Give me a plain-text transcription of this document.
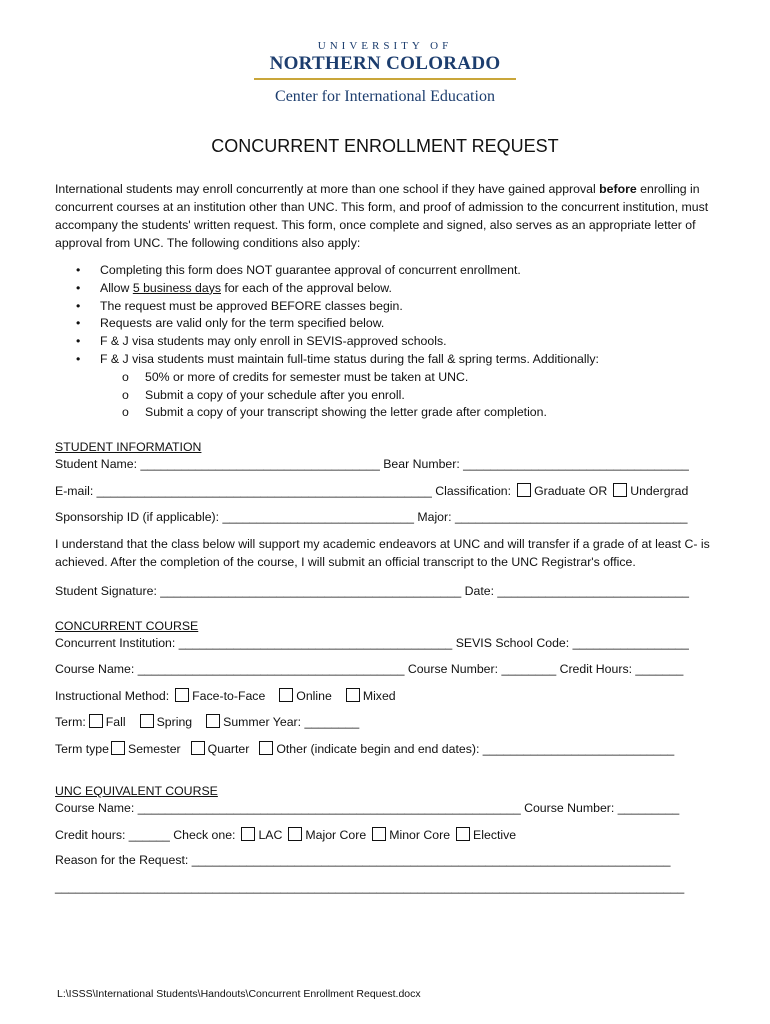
UNIVERSITY OF
NORTHERN COLORADO
Center for International Education
CONCURRENT ENROLLMENT REQUEST
International students may enroll concurrently at more than one school if they have gained approval before enrolling in concurrent courses at an institution other than UNC. This form, and proof of admission to the concurrent institution, must accompany the students' written request. This form, once complete and signed, also serves as an appropriate letter of approval from UNC. The following conditions also apply:
• Completing this form does NOT guarantee approval of concurrent enrollment.
• Allow 5 business days for each of the approval below.
• The request must be approved BEFORE classes begin.
• Requests are valid only for the term specified below.
• F & J visa students may only enroll in SEVIS-approved schools.
• F & J visa students must maintain full-time status during the fall & spring terms. Additionally:
o 50% or more of credits for semester must be taken at UNC.
o Submit a copy of your schedule after you enroll.
o Submit a copy of your transcript showing the letter grade after completion.
STUDENT INFORMATION
Student Name: ___________________________________ Bear Number: _________________________________
E-mail: _________________________________________________ Classification: Graduate OR Undergrad
Sponsorship ID (if applicable): ____________________________ Major: __________________________________
I understand that the class below will support my academic endeavors at UNC and will transfer if a grade of at least C- is achieved. After the completion of the course, I will submit an official transcript to the UNC Registrar's office.
Student Signature: ____________________________________________ Date: ____________________________
CONCURRENT COURSE
Concurrent Institution: ________________________________________ SEVIS School Code: _________________
Course Name: _______________________________________ Course Number: ________ Credit Hours: _______
Instructional Method: Face-to-Face	Online	Mixed
Term: Fall	Spring	Summer Year: ________
Term type Semester Quarter Other (indicate begin and end dates): ____________________________
UNC EQUIVALENT COURSE
Course Name: ________________________________________________________ Course Number: _________
Credit hours: ______ Check one: LAC Major Core Minor Core Elective
Reason for the Request: ______________________________________________________________________
____________________________________________________________________________________________
L:\ISSS\International Students\Handouts\Concurrent Enrollment Request.docx
